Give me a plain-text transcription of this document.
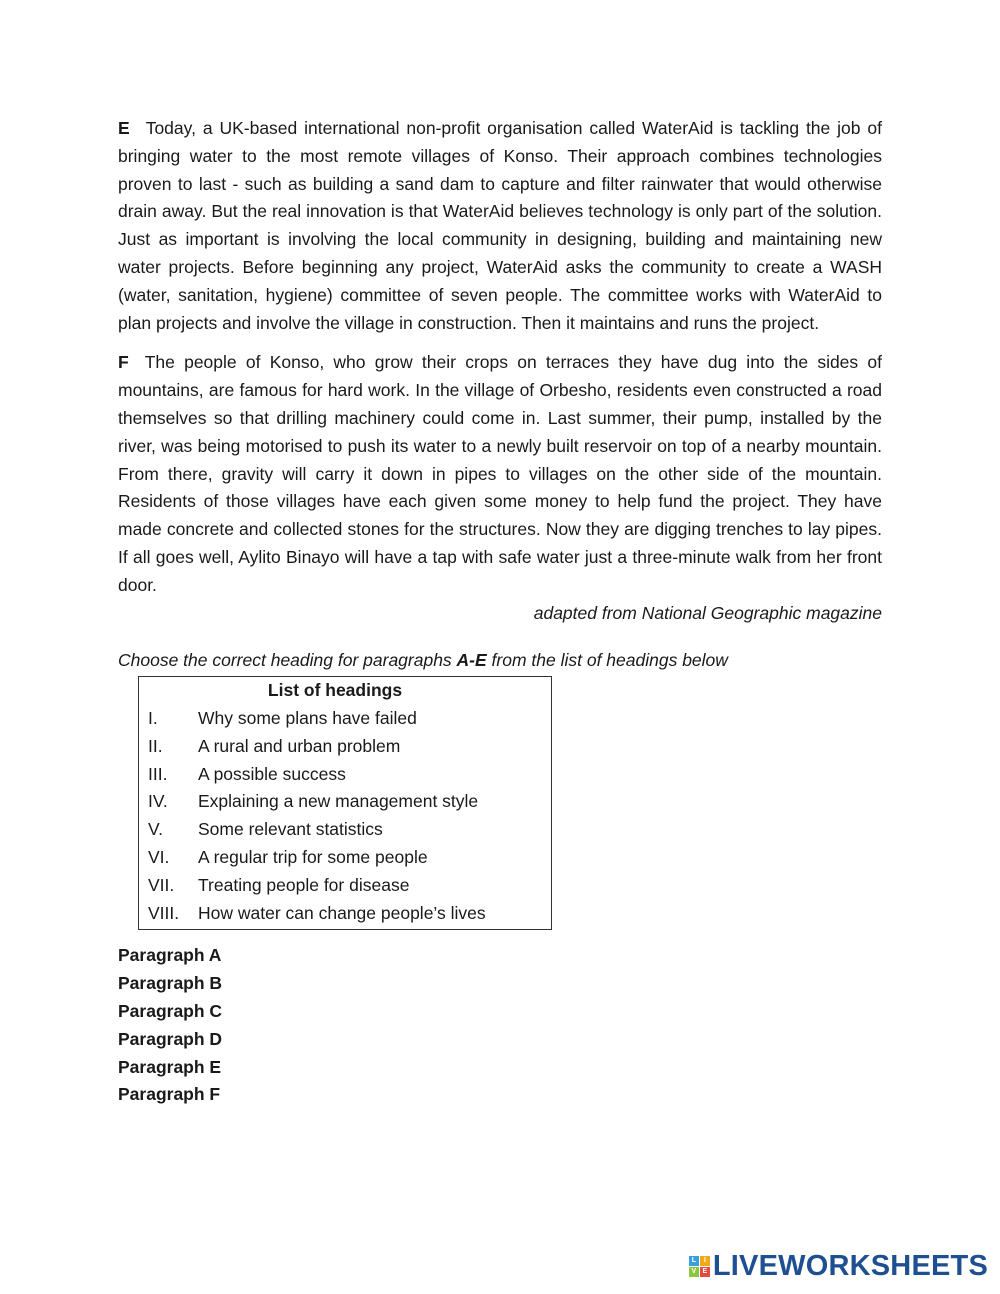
E Today, a UK-based international non-profit organisation called WaterAid is tackling the job of bringing water to the most remote villages of Konso. Their approach combines technologies proven to last - such as building a sand dam to capture and filter rainwater that would otherwise drain away. But the real innovation is that WaterAid believes technology is only part of the solution. Just as important is involving the local community in designing, building and maintaining new water projects. Before beginning any project, WaterAid asks the community to create a WASH (water, sanitation, hygiene) committee of seven people. The committee works with WaterAid to plan projects and involve the village in construction. Then it maintains and runs the project.

F The people of Konso, who grow their crops on terraces they have dug into the sides of mountains, are famous for hard work. In the village of Orbesho, residents even constructed a road themselves so that drilling machinery could come in. Last summer, their pump, installed by the river, was being motorised to push its water to a newly built reservoir on top of a nearby mountain. From there, gravity will carry it down in pipes to villages on the other side of the mountain. Residents of those villages have each given some money to help fund the project. They have made concrete and collected stones for the structures. Now they are digging trenches to lay pipes. If all goes well, Aylito Binayo will have a tap with safe water just a three-minute walk from her front door.

adapted from National Geographic magazine
Choose the correct heading for paragraphs A-E from the list of headings below
List of headings
I.	Why some plans have failed
II.	A rural and urban problem
III.	A possible success
IV.	Explaining a new management style
V.	Some relevant statistics
VI.	A regular trip for some people
VII.	Treating people for disease
VIII.	How water can change people’s lives
Paragraph A
Paragraph B
Paragraph C
Paragraph D
Paragraph E
Paragraph F
L	I
V E LIVEWORKSHEETS
